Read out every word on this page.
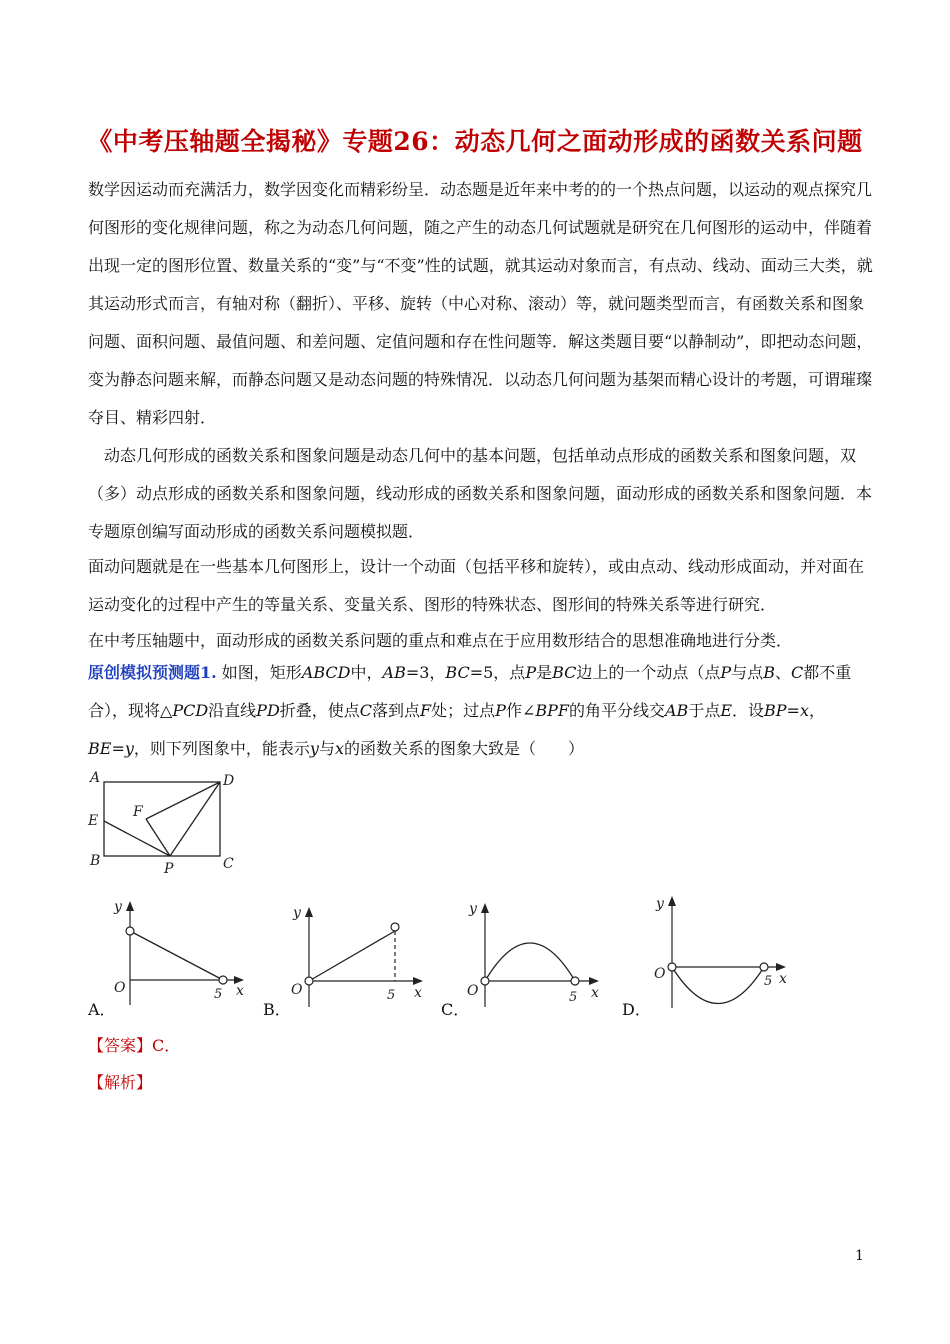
《中考压轴题全揭秘》专题26：动态几何之面动形成的函数关系问题

数学因运动而充满活力，数学因变化而精彩纷呈．动态题是近年来中考的的一个热点问题，以运动的观点探究几何图形的变化规律问题，称之为动态几何问题，随之产生的动态几何试题就是研究在几何图形的运动中，伴随着出现一定的图形位置、数量关系的“变”与“不变”性的试题，就其运动对象而言，有点动、线动、面动三大类，就其运动形式而言，有轴对称（翻折）、平移、旋转（中心对称、滚动）等，就问题类型而言，有函数关系和图象问题、面积问题、最值问题、和差问题、定值问题和存在性问题等．解这类题目要“以静制动”，即把动态问题，变为静态问题来解，而静态问题又是动态问题的特殊情况．以动态几何问题为基架而精心设计的考题，可谓璀璨夺目、精彩四射．

动态几何形成的函数关系和图象问题是动态几何中的基本问题，包括单动点形成的函数关系和图象问题，双（多）动点形成的函数关系和图象问题，线动形成的函数关系和图象问题，面动形成的函数关系和图象问题．本专题原创编写面动形成的函数关系问题模拟题．

面动问题就是在一些基本几何图形上，设计一个动面（包括平移和旋转），或由点动、线动形成面动，并对面在运动变化的过程中产生的等量关系、变量关系、图形的特殊状态、图形间的特殊关系等进行研究．

在中考压轴题中，面动形成的函数关系问题的重点和难点在于应用数形结合的思想准确地进行分类．

原创模拟预测题1. 如图，矩形ABCD中，AB=3，BC=5，点P是BC边上的一个动点（点P与点B、C都不重合），现将△PCD沿直线PD折叠，使点C落到点F处；过点P作∠BPF的角平分线交AB于点E．设BP=x，BE=y，则下列图象中，能表示y与x的函数关系的图象大致是（　　）

A	D
E
F
B	P	C
y
x
O	5
y
x
O	5
y
x
O	5
y
x
O	5
A．	B．	C．	D．

【答案】C．

【解析】

1
